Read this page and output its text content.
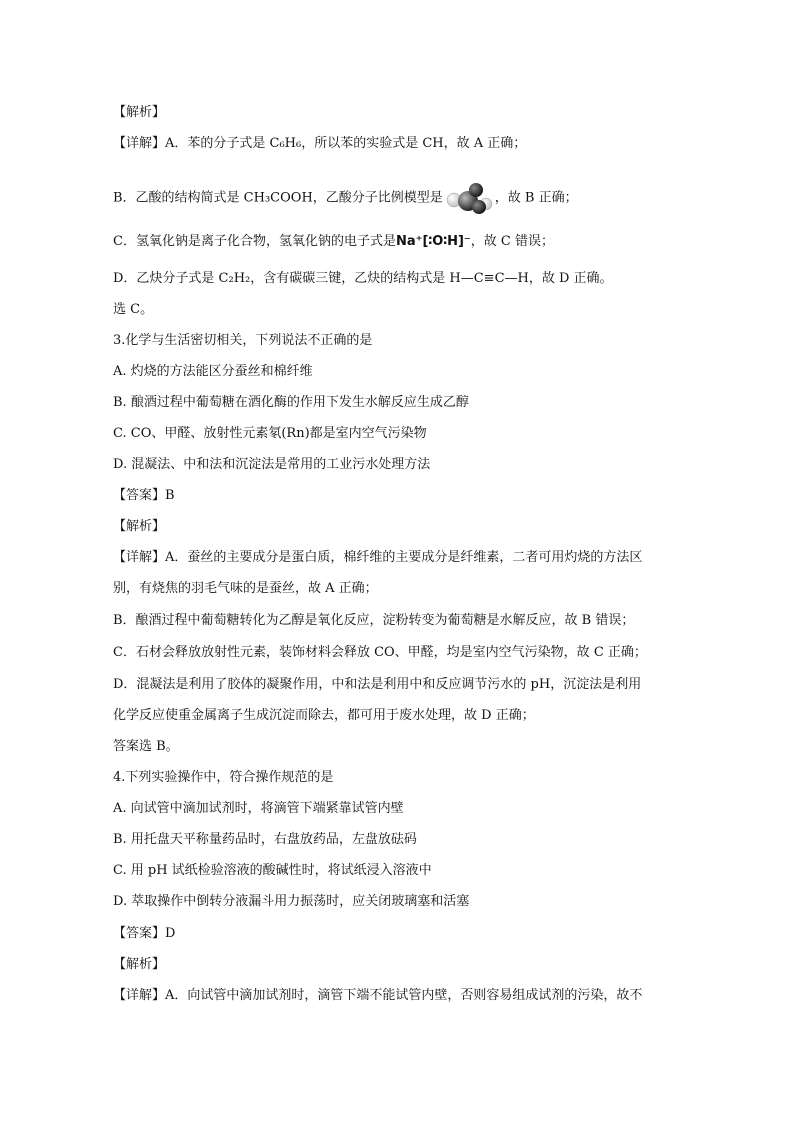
【解析】
【详解】A．苯的分子式是 C₆H₆，所以苯的实验式是 CH，故 A 正确；
B．乙酸的结构简式是 CH₃COOH，乙酸分子比例模型是	，故 B 正确；
C．氢氧化钠是离子化合物，氢氧化钠的电子式是Na⁺[∶O∶H]⁻，故 C 错误；
D．乙炔分子式是 C₂H₂，含有碳碳三键，乙炔的结构式是 H—C≡C—H，故 D 正确。
选 C。
3.化学与生活密切相关，下列说法不正确的是
A. 灼烧的方法能区分蚕丝和棉纤维
B. 酿酒过程中葡萄糖在酒化酶的作用下发生水解反应生成乙醇
C. CO、甲醛、放射性元素氡(Rn)都是室内空气污染物
D. 混凝法、中和法和沉淀法是常用的工业污水处理方法
【答案】B
【解析】
【详解】A．蚕丝的主要成分是蛋白质，棉纤维的主要成分是纤维素，二者可用灼烧的方法区
别，有烧焦的羽毛气味的是蚕丝，故 A 正确；
B．酿酒过程中葡萄糖转化为乙醇是氧化反应，淀粉转变为葡萄糖是水解反应，故 B 错误；
C．石材会释放放射性元素，装饰材料会释放 CO、甲醛，均是室内空气污染物，故 C 正确；
D．混凝法是利用了胶体的凝聚作用，中和法是利用中和反应调节污水的 pH，沉淀法是利用
化学反应使重金属离子生成沉淀而除去，都可用于废水处理，故 D 正确；
答案选 B。
4.下列实验操作中，符合操作规范的是
A. 向试管中滴加试剂时，将滴管下端紧靠试管内壁
B. 用托盘天平称量药品时，右盘放药品，左盘放砝码
C. 用 pH 试纸检验溶液的酸碱性时，将试纸浸入溶液中
D. 萃取操作中倒转分液漏斗用力振荡时，应关闭玻璃塞和活塞
【答案】D
【解析】
【详解】A．向试管中滴加试剂时，滴管下端不能试管内壁，否则容易组成试剂的污染，故不
